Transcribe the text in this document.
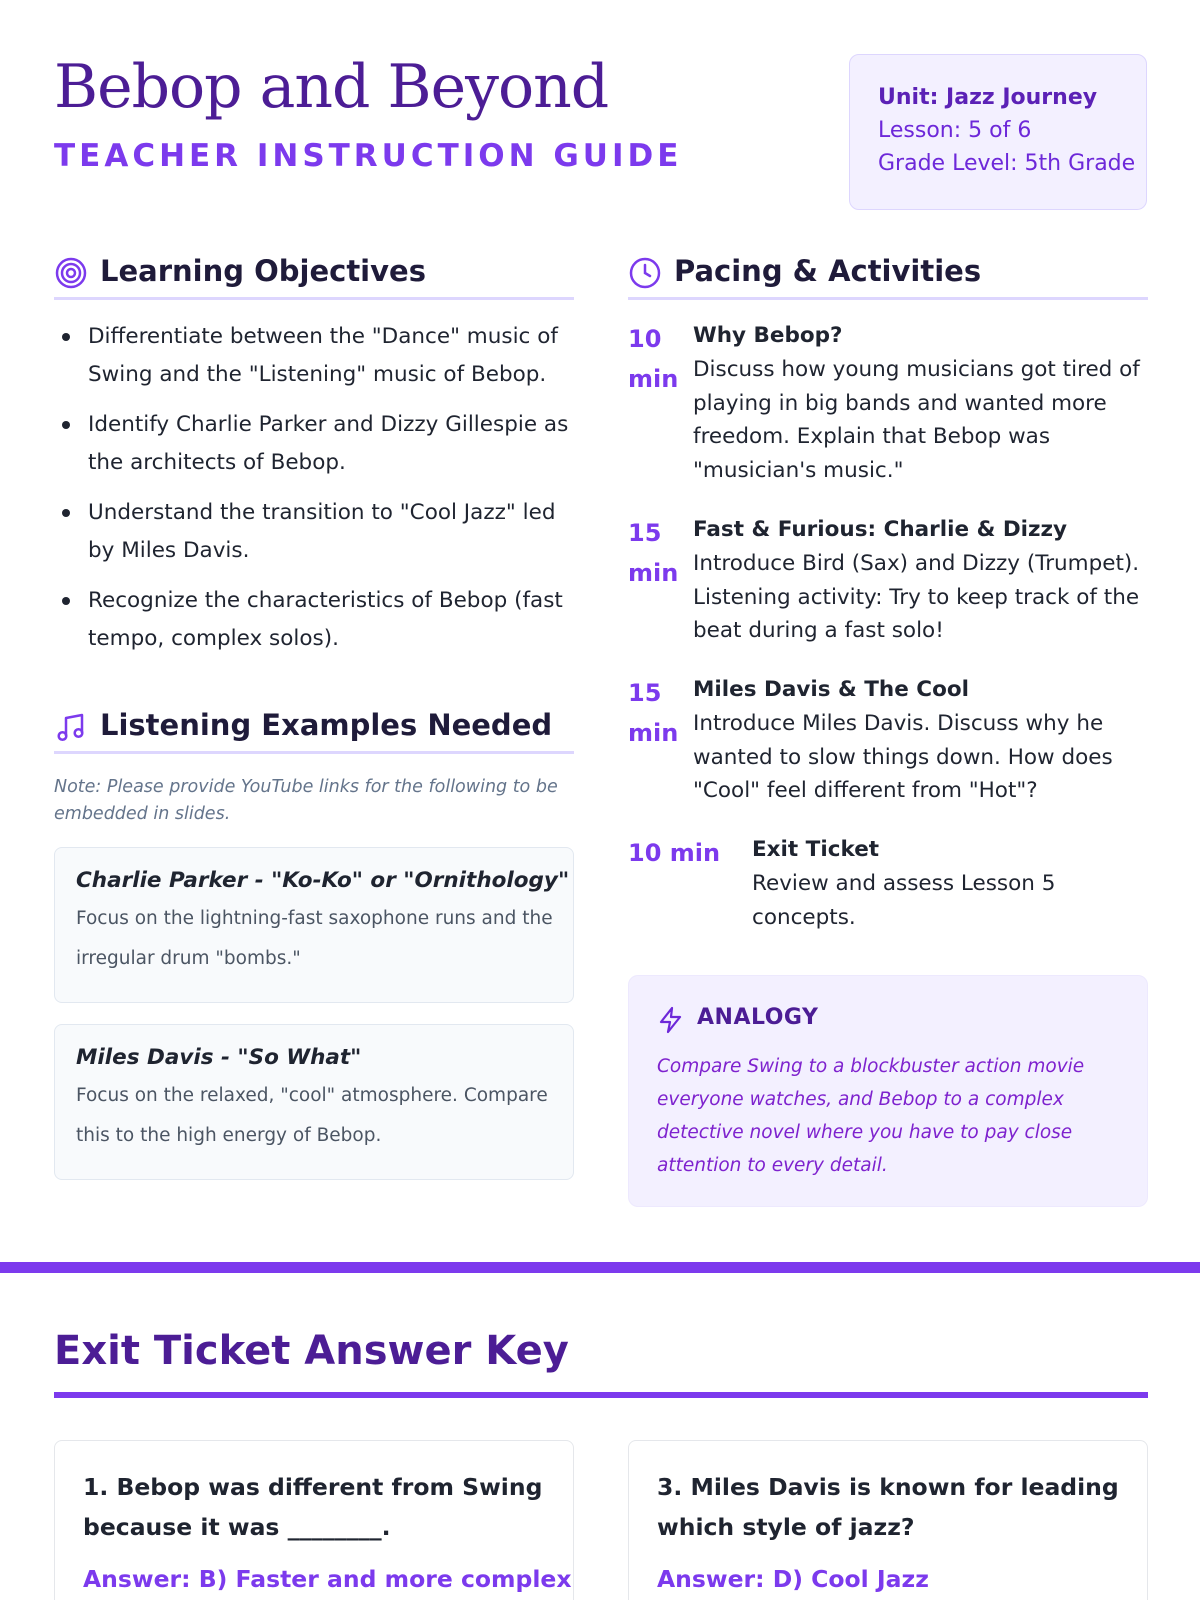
Bebop and Beyond
TEACHER INSTRUCTION GUIDE
Unit: Jazz Journey
Lesson: 5 of 6
Grade Level: 5th Grade
Learning Objectives
Differentiate between the "Dance" music of Swing and the "Listening" music of Bebop.
Identify Charlie Parker and Dizzy Gillespie as the architects of Bebop.
Understand the transition to "Cool Jazz" led by Miles Davis.
Recognize the characteristics of Bebop (fast tempo, complex solos).
Listening Examples Needed
Note: Please provide YouTube links for the following to be embedded in slides.
Charlie Parker - "Ko-Ko" or "Ornithology"
Focus on the lightning-fast saxophone runs and the irregular drum "bombs."
Miles Davis - "So What"
Focus on the relaxed, "cool" atmosphere. Compare this to the high energy of Bebop.
Pacing & Activities
10 min
Why Bebop?
Discuss how young musicians got tired of playing in big bands and wanted more freedom. Explain that Bebop was "musician's music."
15 min
Fast & Furious: Charlie & Dizzy
Introduce Bird (Sax) and Dizzy (Trumpet). Listening activity: Try to keep track of the beat during a fast solo!
15 min
Miles Davis & The Cool
Introduce Miles Davis. Discuss why he wanted to slow things down. How does "Cool" feel different from "Hot"?
10 min	Exit Ticket
Review and assess Lesson 5 concepts.
ANALOGY
Compare Swing to a blockbuster action movie everyone watches, and Bebop to a complex detective novel where you have to pay close attention to every detail.
Exit Ticket Answer Key
1. Bebop was different from Swing because it was ________.
Answer: B) Faster and more complex
3. Miles Davis is known for leading which style of jazz?
Answer: D) Cool Jazz
